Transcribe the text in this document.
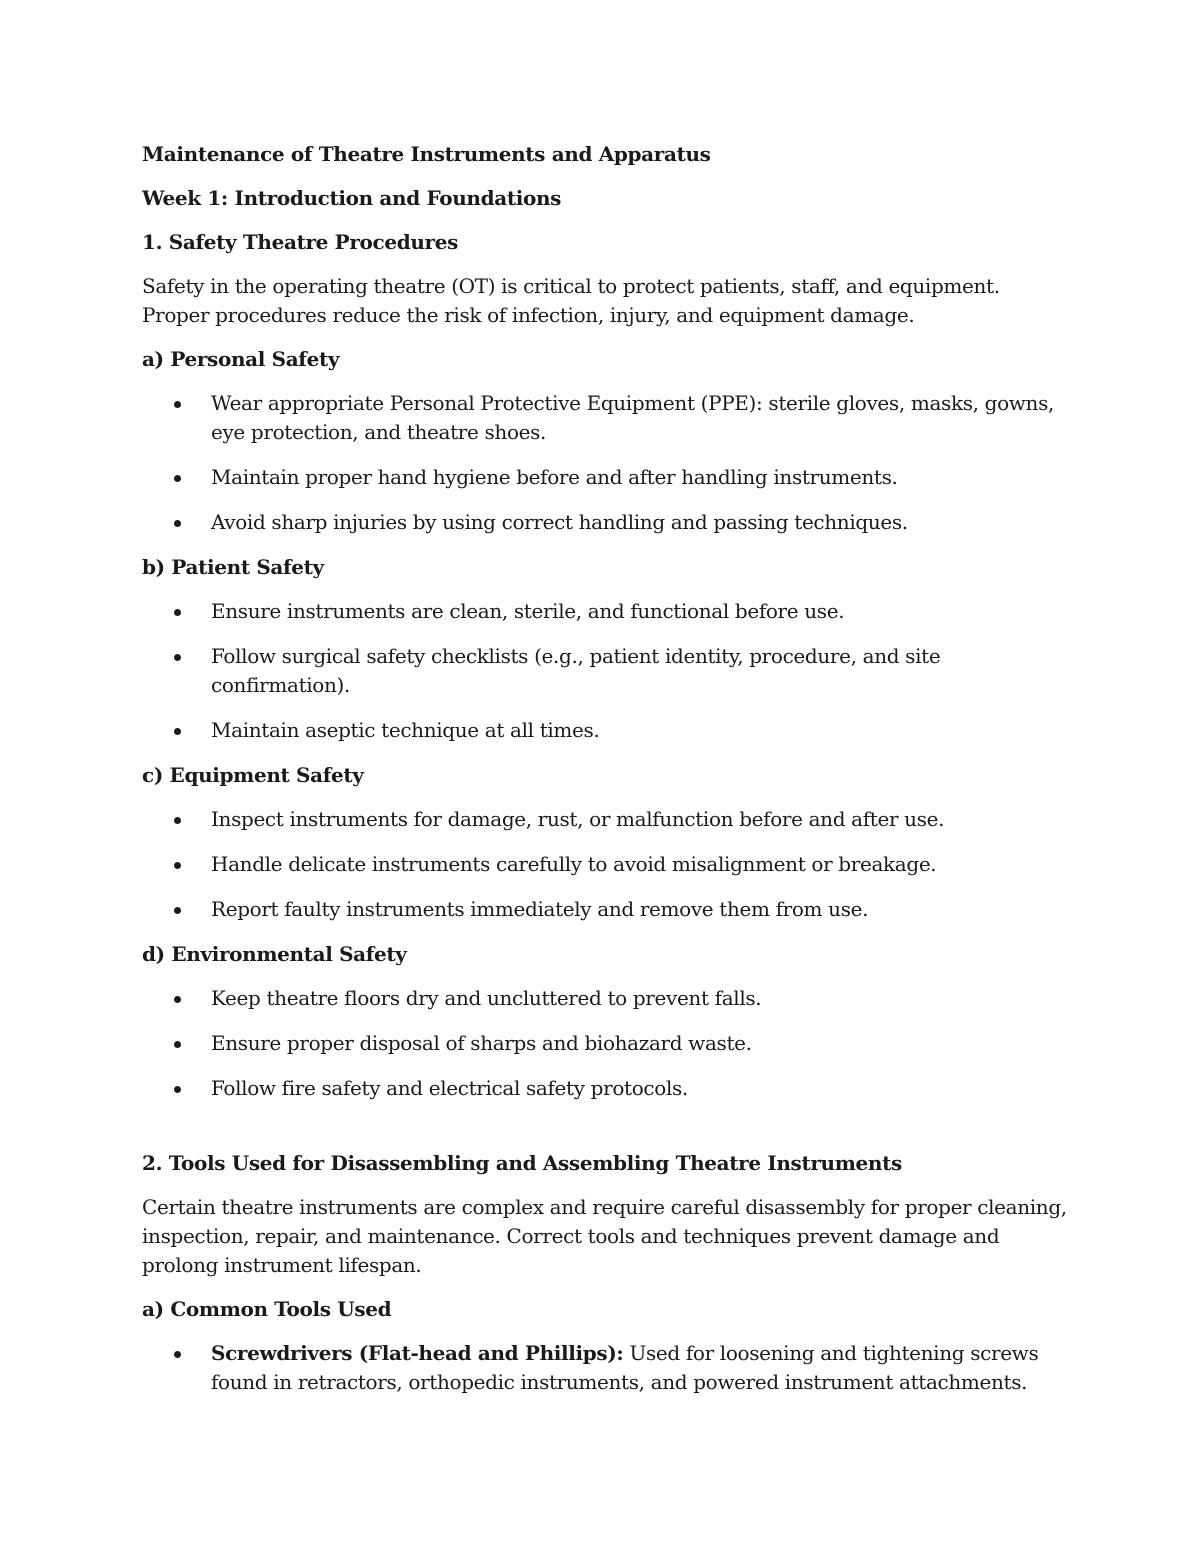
Maintenance of Theatre Instruments and Apparatus

Week 1: Introduction and Foundations

1. Safety Theatre Procedures

Safety in the operating theatre (OT) is critical to protect patients, staff, and equipment. Proper procedures reduce the risk of infection, injury, and equipment damage.

a) Personal Safety

Wear appropriate Personal Protective Equipment (PPE): sterile gloves, masks, gowns, eye protection, and theatre shoes.
Maintain proper hand hygiene before and after handling instruments.
Avoid sharp injuries by using correct handling and passing techniques.

b) Patient Safety

Ensure instruments are clean, sterile, and functional before use.
Follow surgical safety checklists (e.g., patient identity, procedure, and site confirmation).
Maintain aseptic technique at all times.

c) Equipment Safety

Inspect instruments for damage, rust, or malfunction before and after use.
Handle delicate instruments carefully to avoid misalignment or breakage.
Report faulty instruments immediately and remove them from use.

d) Environmental Safety

Keep theatre floors dry and uncluttered to prevent falls.
Ensure proper disposal of sharps and biohazard waste.
Follow fire safety and electrical safety protocols.

2. Tools Used for Disassembling and Assembling Theatre Instruments

Certain theatre instruments are complex and require careful disassembly for proper cleaning, inspection, repair, and maintenance. Correct tools and techniques prevent damage and prolong instrument lifespan.

a) Common Tools Used

Screwdrivers (Flat-head and Phillips): Used for loosening and tightening screws found in retractors, orthopedic instruments, and powered instrument attachments.
